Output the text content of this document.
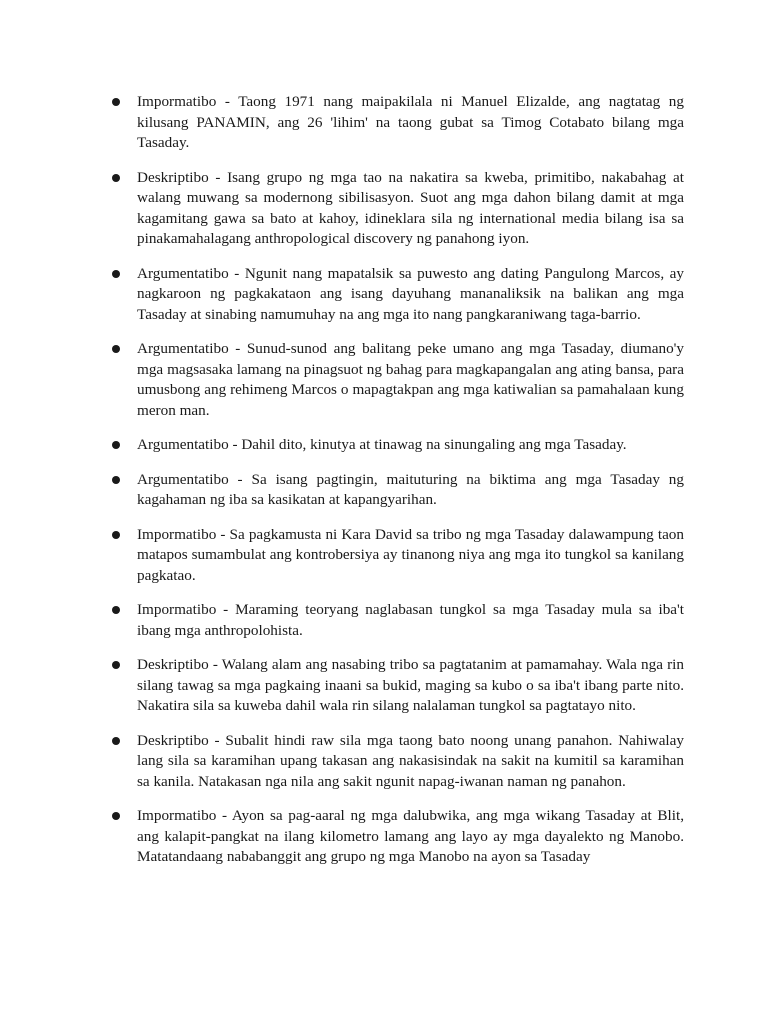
Impormatibo - Taong 1971 nang maipakilala ni Manuel Elizalde, ang nagtatag ng kilusang PANAMIN, ang 26 'lihim' na taong gubat sa Timog Cotabato bilang mga Tasaday.
Deskriptibo - Isang grupo ng mga tao na nakatira sa kweba, primitibo, nakabahag at walang muwang sa modernong sibilisasyon. Suot ang mga dahon bilang damit at mga kagamitang gawa sa bato at kahoy, idineklara sila ng international media bilang isa sa pinakamahalagang anthropological discovery ng panahong iyon.
Argumentatibo - Ngunit nang mapatalsik sa puwesto ang dating Pangulong Marcos, ay nagkaroon ng pagkakataon ang isang dayuhang mananaliksik na balikan ang mga Tasaday at sinabing namumuhay na ang mga ito nang pangkaraniwang taga-barrio.
Argumentatibo - Sunud-sunod ang balitang peke umano ang mga Tasaday, diumano'y mga magsasaka lamang na pinagsuot ng bahag para magkapangalan ang ating bansa, para umusbong ang rehimeng Marcos o mapagtakpan ang mga katiwalian sa pamahalaan kung meron man.
Argumentatibo - Dahil dito, kinutya at tinawag na sinungaling ang mga Tasaday.
Argumentatibo - Sa isang pagtingin, maituturing na biktima ang mga Tasaday ng kagahaman ng iba sa kasikatan at kapangyarihan.
Impormatibo - Sa pagkamusta ni Kara David sa tribo ng mga Tasaday dalawampung taon matapos sumambulat ang kontrobersiya ay tinanong niya ang mga ito tungkol sa kanilang pagkatao.
Impormatibo - Maraming teoryang naglabasan tungkol sa mga Tasaday mula sa iba't ibang mga anthropolohista.
Deskriptibo - Walang alam ang nasabing tribo sa pagtatanim at pamamahay. Wala nga rin silang tawag sa mga pagkaing inaani sa bukid, maging sa kubo o sa iba't ibang parte nito. Nakatira sila sa kuweba dahil wala rin silang nalalaman tungkol sa pagtatayo nito.
Deskriptibo - Subalit hindi raw sila mga taong bato noong unang panahon. Nahiwalay lang sila sa karamihan upang takasan ang nakasisindak na sakit na kumitil sa karamihan sa kanila. Natakasan nga nila ang sakit ngunit napag-iwanan naman ng panahon.
Impormatibo - Ayon sa pag-aaral ng mga dalubwika, ang mga wikang Tasaday at Blit, ang kalapit-pangkat na ilang kilometro lamang ang layo ay mga dayalekto ng Manobo. Matatandaang nababanggit ang grupo ng mga Manobo na ayon sa Tasaday
